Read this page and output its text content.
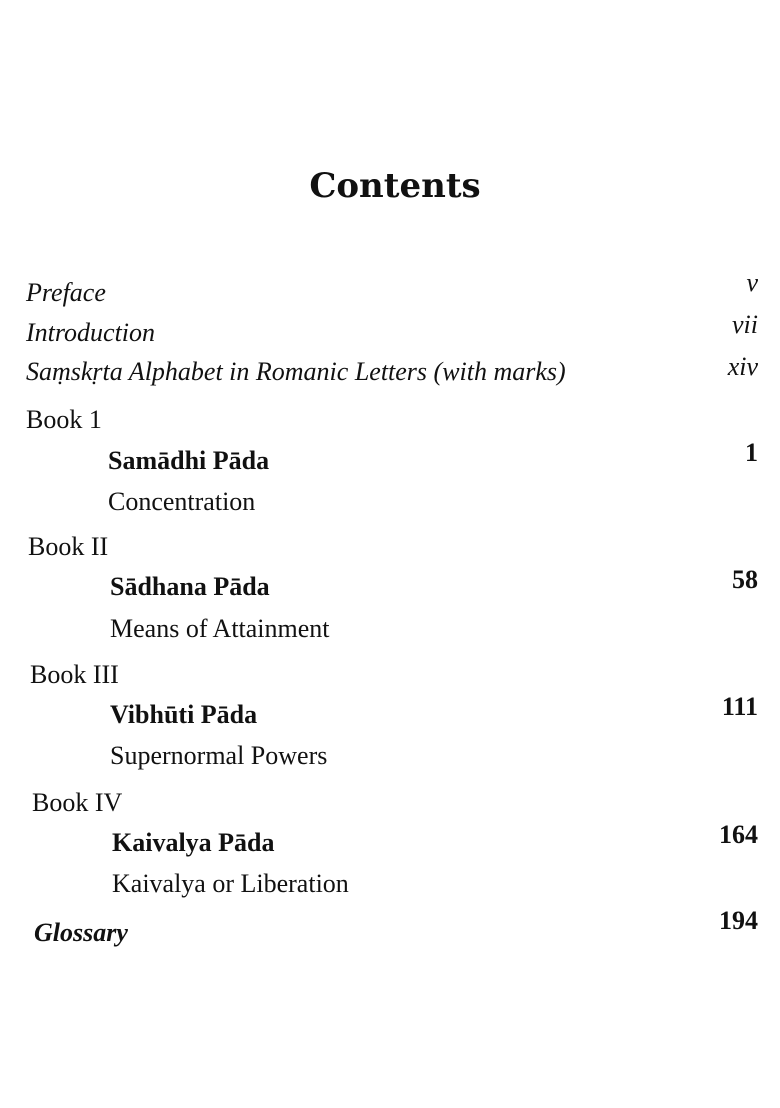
Contents
Preface	v
Introduction	vii
Saṃskṛta Alphabet in Romanic Letters (with marks)	xiv
Book 1
Samādhi Pāda	1
Concentration
Book II
Sādhana Pāda	58
Means of Attainment
Book III
Vibhūti Pāda	111
Supernormal Powers
Book IV
Kaivalya Pāda	164
Kaivalya or Liberation
Glossary	194
